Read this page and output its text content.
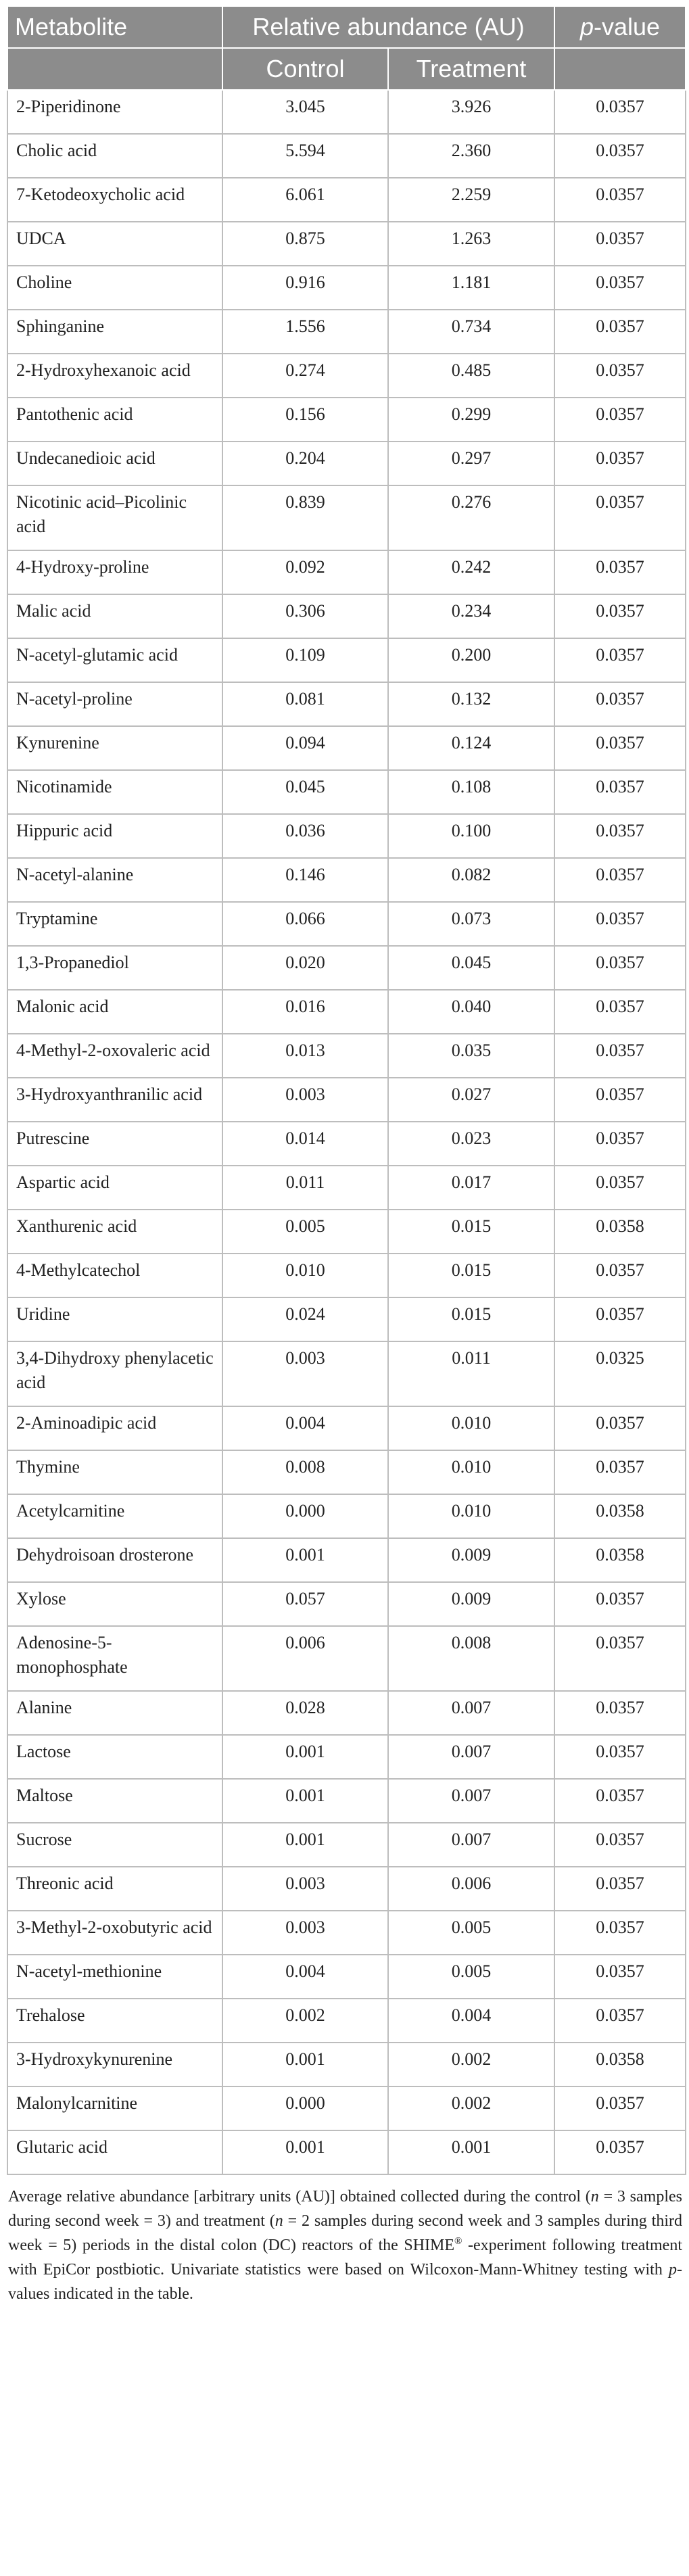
Metabolite	Relative abundance (AU)		p-value
	Control	Treatment	
2-Piperidinone	3.045	3.926	0.0357
Cholic acid	5.594	2.360	0.0357
7-Ketodeoxycholic acid	6.061	2.259	0.0357
UDCA	0.875	1.263	0.0357
Choline	0.916	1.181	0.0357
Sphinganine	1.556	0.734	0.0357
2-Hydroxyhexanoic acid	0.274	0.485	0.0357
Pantothenic acid	0.156	0.299	0.0357
Undecanedioic acid	0.204	0.297	0.0357
Nicotinic acid–Picolinic acid	0.839	0.276	0.0357
4-Hydroxy-proline	0.092	0.242	0.0357
Malic acid	0.306	0.234	0.0357
N-acetyl-glutamic acid	0.109	0.200	0.0357
N-acetyl-proline	0.081	0.132	0.0357
Kynurenine	0.094	0.124	0.0357
Nicotinamide	0.045	0.108	0.0357
Hippuric acid	0.036	0.100	0.0357
N-acetyl-alanine	0.146	0.082	0.0357
Tryptamine	0.066	0.073	0.0357
1,3-Propanediol	0.020	0.045	0.0357
Malonic acid	0.016	0.040	0.0357
4-Methyl-2-oxovaleric acid	0.013	0.035	0.0357
3-Hydroxyanthranilic acid	0.003	0.027	0.0357
Putrescine	0.014	0.023	0.0357
Aspartic acid	0.011	0.017	0.0357
Xanthurenic acid	0.005	0.015	0.0358
4-Methylcatechol	0.010	0.015	0.0357
Uridine	0.024	0.015	0.0357
3,4-Dihydroxy phenylacetic acid	0.003	0.011	0.0325
2-Aminoadipic acid	0.004	0.010	0.0357
Thymine	0.008	0.010	0.0357
Acetylcarnitine	0.000	0.010	0.0358
Dehydroisoan drosterone	0.001	0.009	0.0358
Xylose	0.057	0.009	0.0357
Adenosine-5-monophosphate	0.006	0.008	0.0357
Alanine	0.028	0.007	0.0357
Lactose	0.001	0.007	0.0357
Maltose	0.001	0.007	0.0357
Sucrose	0.001	0.007	0.0357
Threonic acid	0.003	0.006	0.0357
3-Methyl-2-oxobutyric acid	0.003	0.005	0.0357
N-acetyl-methionine	0.004	0.005	0.0357
Trehalose	0.002	0.004	0.0357
3-Hydroxykynurenine	0.001	0.002	0.0358
Malonylcarnitine	0.000	0.002	0.0357
Glutaric acid	0.001	0.001	0.0357
Average relative abundance [arbitrary units (AU)] obtained collected during the control (n = 3 samples during second week = 3) and treatment (n = 2 samples during second week and 3 samples during third week = 5) periods in the distal colon (DC) reactors of the SHIME® -experiment following treatment with EpiCor postbiotic. Univariate statistics were based on Wilcoxon-Mann-Whitney testing with p-values indicated in the table.
